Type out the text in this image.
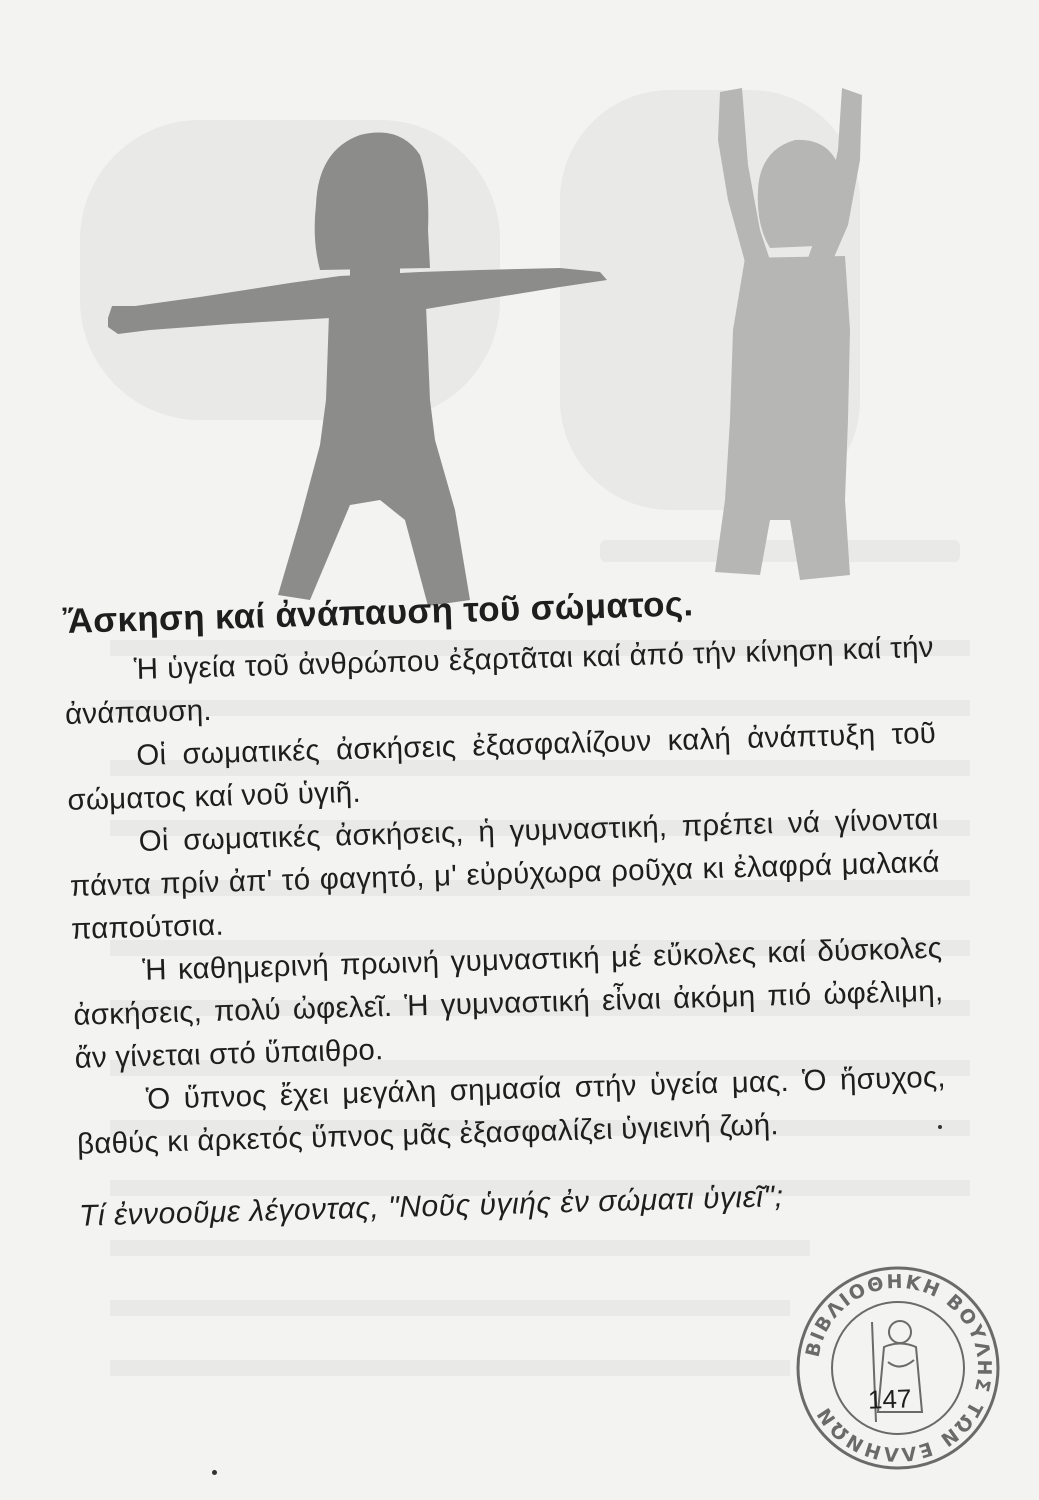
Ἄσκηση καί ἀνάπαυση τοῦ σώματος.

Ἡ ὑγεία τοῦ ἀνθρώπου ἐξαρτᾶται καί ἀπό τήν κίνηση καί τήν ἀνάπαυση.

Οἱ σωματικές ἀσκήσεις ἐξασφαλίζουν καλή ἀνάπτυξη τοῦ σώματος καί νοῦ ὑγιῆ.

Οἱ σωματικές ἀσκήσεις, ἡ γυμναστική, πρέπει νά γίνονται πάντα πρίν ἀπ' τό φαγητό, μ' εὐρύχωρα ροῦχα κι ἐλαφρά μαλακά παπούτσια.

Ἡ καθημερινή πρωινή γυμναστική μέ εὔκολες καί δύσκολες ἀσκήσεις, πολύ ὠφελεῖ. Ἡ γυμναστική εἶναι ἀκόμη πιό ὠφέλιμη, ἄν γίνεται στό ὕπαιθρο.

Ὁ ὕπνος ἔχει μεγάλη σημασία στήν ὑγεία μας. Ὁ ἥσυχος, βαθύς κι ἀρκετός ὕπνος μᾶς ἐξασφαλίζει ὑγιεινή ζωή.

Τί ἐννοοῦμε λέγοντας, "Νοῦς ὑγιής ἐν σώματι ὑγιεῖ";

ΒΙΒΛΙΟΘΗΚΗ ΒΟΥΛΗΣ ΤΩΝ ΕΛΛΗΝΩΝ
147
